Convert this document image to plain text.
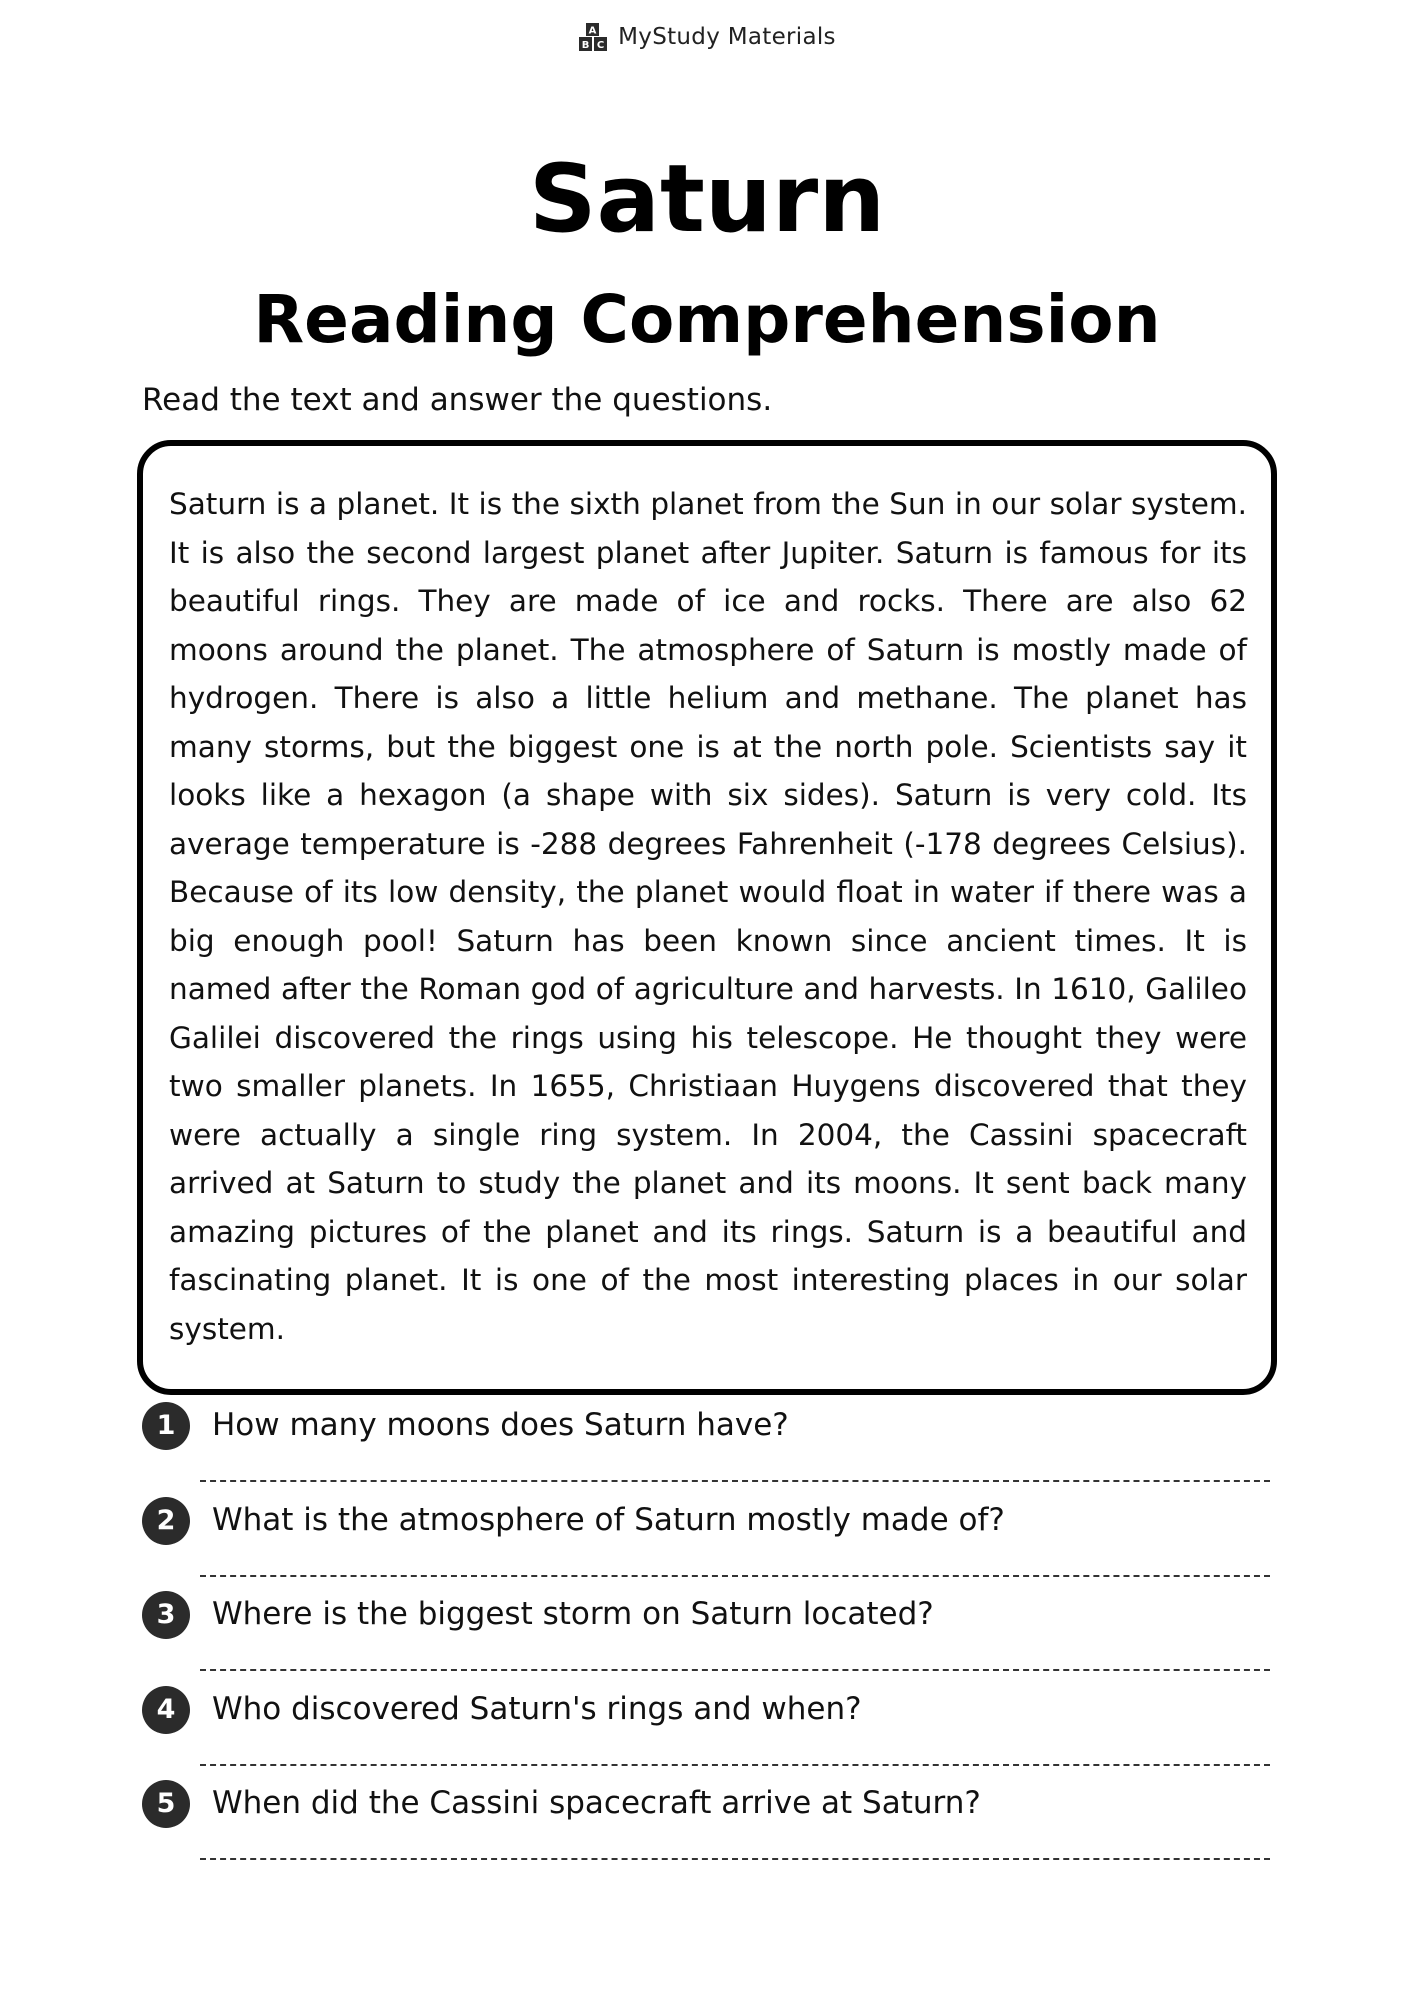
A
B C MyStudy Materials
Saturn
Reading Comprehension
Read the text and answer the questions.

Saturn is a planet. It is the sixth planet from the Sun in our solar system. It is also the second largest planet after Jupiter. Saturn is famous for its beautiful rings. They are made of ice and rocks. There are also 62 moons around the planet. The atmosphere of Saturn is mostly made of hydrogen. There is also a little helium and methane. The planet has many storms, but the biggest one is at the north pole. Scientists say it looks like a hexagon (a shape with six sides). Saturn is very cold. Its average temperature is -288 degrees Fahrenheit (-178 degrees Celsius). Because of its low density, the planet would float in water if there was a big enough pool! Saturn has been known since ancient times. It is named after the Roman god of agriculture and harvests. In 1610, Galileo Galilei discovered the rings using his telescope. He thought they were two smaller planets. In 1655, Christiaan Huygens discovered that they were actually a single ring system. In 2004, the Cassini spacecraft arrived at Saturn to study the planet and its moons. It sent back many amazing pictures of the planet and its rings. Saturn is a beautiful and fascinating planet. It is one of the most interesting places in our solar system.

1	How many moons does Saturn have?
2	What is the atmosphere of Saturn mostly made of?
3	Where is the biggest storm on Saturn located?
4	Who discovered Saturn's rings and when?
5	When did the Cassini spacecraft arrive at Saturn?
